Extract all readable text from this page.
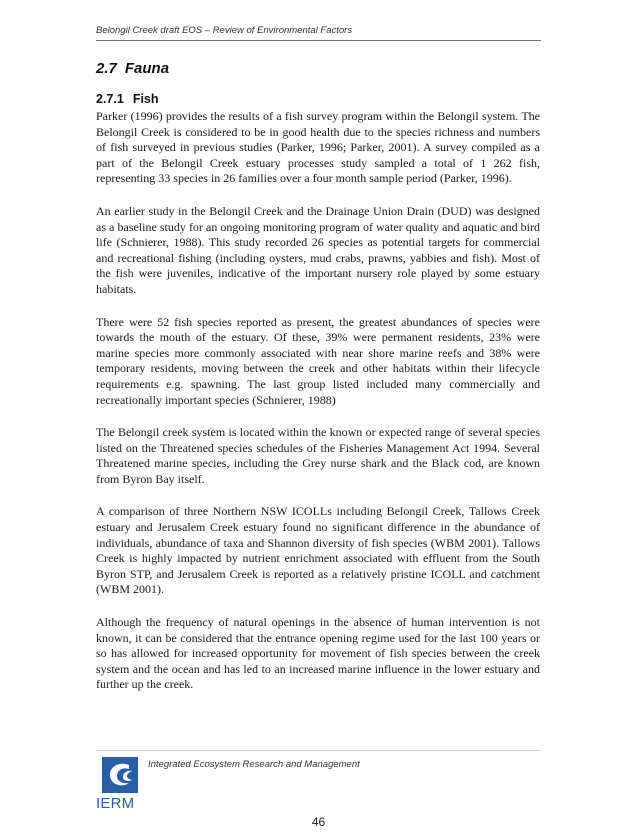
Belongil Creek draft EOS – Review of Environmental Factors
2.7 Fauna
2.7.1 Fish

Parker (1996) provides the results of a fish survey program within the Belongil system. The Belongil Creek is considered to be in good health due to the species richness and numbers of fish surveyed in previous studies (Parker, 1996; Parker, 2001). A survey compiled as a part of the Belongil Creek estuary processes study sampled a total of 1 262 fish, representing 33 species in 26 families over a four month sample period (Parker, 1996).

An earlier study in the Belongil Creek and the Drainage Union Drain (DUD) was designed as a baseline study for an ongoing monitoring program of water quality and aquatic and bird life (Schnierer, 1988). This study recorded 26 species as potential targets for commercial and recreational fishing (including oysters, mud crabs, prawns, yabbies and fish). Most of the fish were juveniles, indicative of the important nursery role played by some estuary habitats.

There were 52 fish species reported as present, the greatest abundances of species were towards the mouth of the estuary. Of these, 39% were permanent residents, 23% were marine species more commonly associated with near shore marine reefs and 38% were temporary residents, moving between the creek and other habitats within their lifecycle requirements e.g. spawning. The last group listed included many commercially and recreationally important species (Schnierer, 1988)

The Belongil creek system is located within the known or expected range of several species listed on the Threatened species schedules of the Fisheries Management Act 1994. Several Threatened marine species, including the Grey nurse shark and the Black cod, are known from Byron Bay itself.

A comparison of three Northern NSW ICOLLs including Belongil Creek, Tallows Creek estuary and Jerusalem Creek estuary found no significant difference in the abundance of individuals, abundance of taxa and Shannon diversity of fish species (WBM 2001). Tallows Creek is highly impacted by nutrient enrichment associated with effluent from the South Byron STP, and Jerusalem Creek is reported as a relatively pristine ICOLL and catchment (WBM 2001).

Although the frequency of natural openings in the absence of human intervention is not known, it can be considered that the entrance opening regime used for the last 100 years or so has allowed for increased opportunity for movement of fish species between the creek system and the ocean and has led to an increased marine influence in the lower estuary and further up the creek.

IERM
Integrated Ecosystem Research and Management
46
